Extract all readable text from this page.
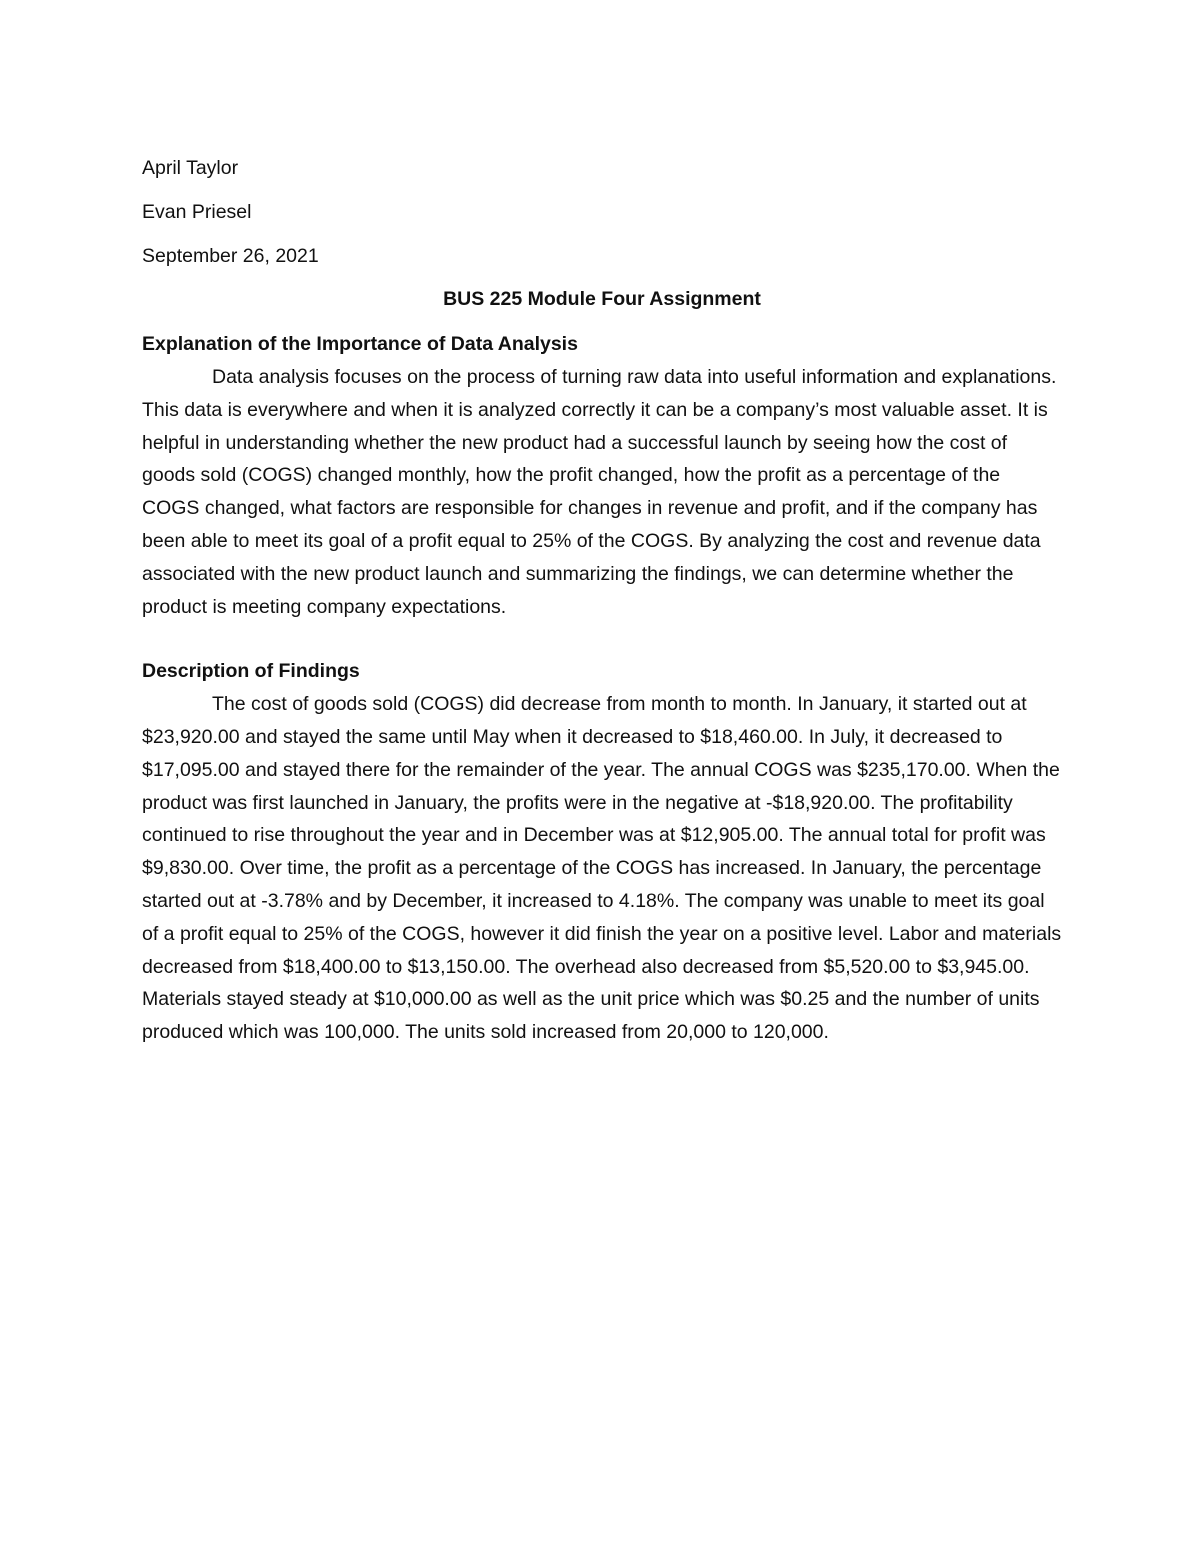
April Taylor

Evan Priesel

September 26, 2021

BUS 225 Module Four Assignment

Explanation of the Importance of Data Analysis

Data analysis focuses on the process of turning raw data into useful information and explanations. This data is everywhere and when it is analyzed correctly it can be a company’s most valuable asset. It is helpful in understanding whether the new product had a successful launch by seeing how the cost of goods sold (COGS) changed monthly, how the profit changed, how the profit as a percentage of the COGS changed, what factors are responsible for changes in revenue and profit, and if the company has been able to meet its goal of a profit equal to 25% of the COGS. By analyzing the cost and revenue data associated with the new product launch and summarizing the findings, we can determine whether the product is meeting company expectations.

Description of Findings

The cost of goods sold (COGS) did decrease from month to month. In January, it started out at $23,920.00 and stayed the same until May when it decreased to $18,460.00. In July, it decreased to $17,095.00 and stayed there for the remainder of the year. The annual COGS was $235,170.00. When the product was first launched in January, the profits were in the negative at -$18,920.00. The profitability continued to rise throughout the year and in December was at $12,905.00. The annual total for profit was $9,830.00. Over time, the profit as a percentage of the COGS has increased. In January, the percentage started out at -3.78% and by December, it increased to 4.18%. The company was unable to meet its goal of a profit equal to 25% of the COGS, however it did finish the year on a positive level. Labor and materials decreased from $18,400.00 to $13,150.00. The overhead also decreased from $5,520.00 to $3,945.00. Materials stayed steady at $10,000.00 as well as the unit price which was $0.25 and the number of units produced which was 100,000. The units sold increased from 20,000 to 120,000.
